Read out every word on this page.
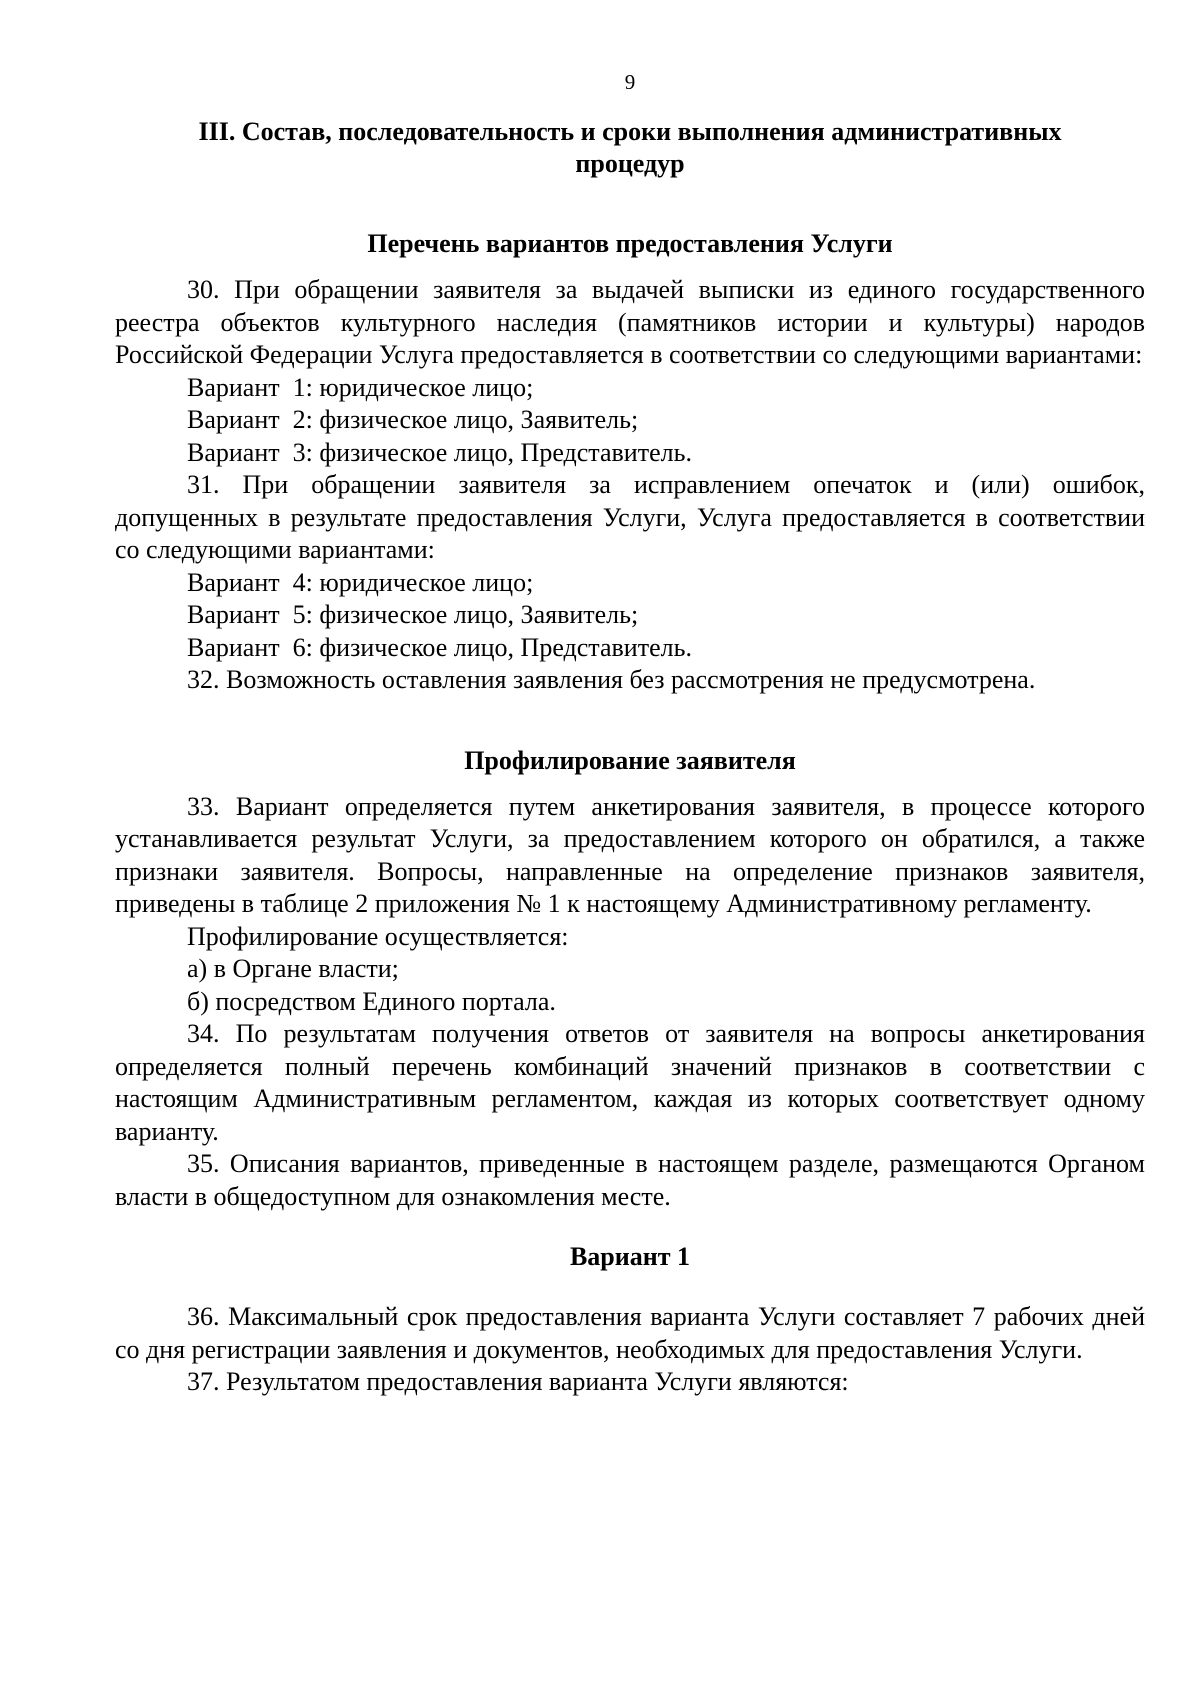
9
III. Состав, последовательность и сроки выполнения административных процедур
Перечень вариантов предоставления Услуги

30. При обращении заявителя за выдачей выписки из единого государственного реестра объектов культурного наследия (памятников истории и культуры) народов Российской Федерации Услуга предоставляется в соответствии со следующими вариантами:

Вариант  1: юридическое лицо;
Вариант  2: физическое лицо, Заявитель;
Вариант  3: физическое лицо, Представитель.

31. При обращении заявителя за исправлением опечаток и (или) ошибок, допущенных в результате предоставления Услуги, Услуга предоставляется в соответствии со следующими вариантами:

Вариант  4: юридическое лицо;
Вариант  5: физическое лицо, Заявитель;
Вариант  6: физическое лицо, Представитель.

32. Возможность оставления заявления без рассмотрения не предусмотрена.

Профилирование заявителя

33. Вариант определяется путем анкетирования заявителя, в процессе которого устанавливается результат Услуги, за предоставлением которого он обратился, а также признаки заявителя. Вопросы, направленные на определение признаков заявителя, приведены в таблице 2 приложения № 1 к настоящему Административному регламенту.

Профилирование осуществляется:
а) в Органе власти;
б) посредством Единого портала.

34. По результатам получения ответов от заявителя на вопросы анкетирования определяется полный перечень комбинаций значений признаков в соответствии с настоящим Административным регламентом, каждая из которых соответствует одному варианту.

35. Описания вариантов, приведенные в настоящем разделе, размещаются Органом власти в общедоступном для ознакомления месте.

Вариант 1

36. Максимальный срок предоставления варианта Услуги составляет 7 рабочих дней со дня регистрации заявления и документов, необходимых для предоставления Услуги.

37. Результатом предоставления варианта Услуги являются:
